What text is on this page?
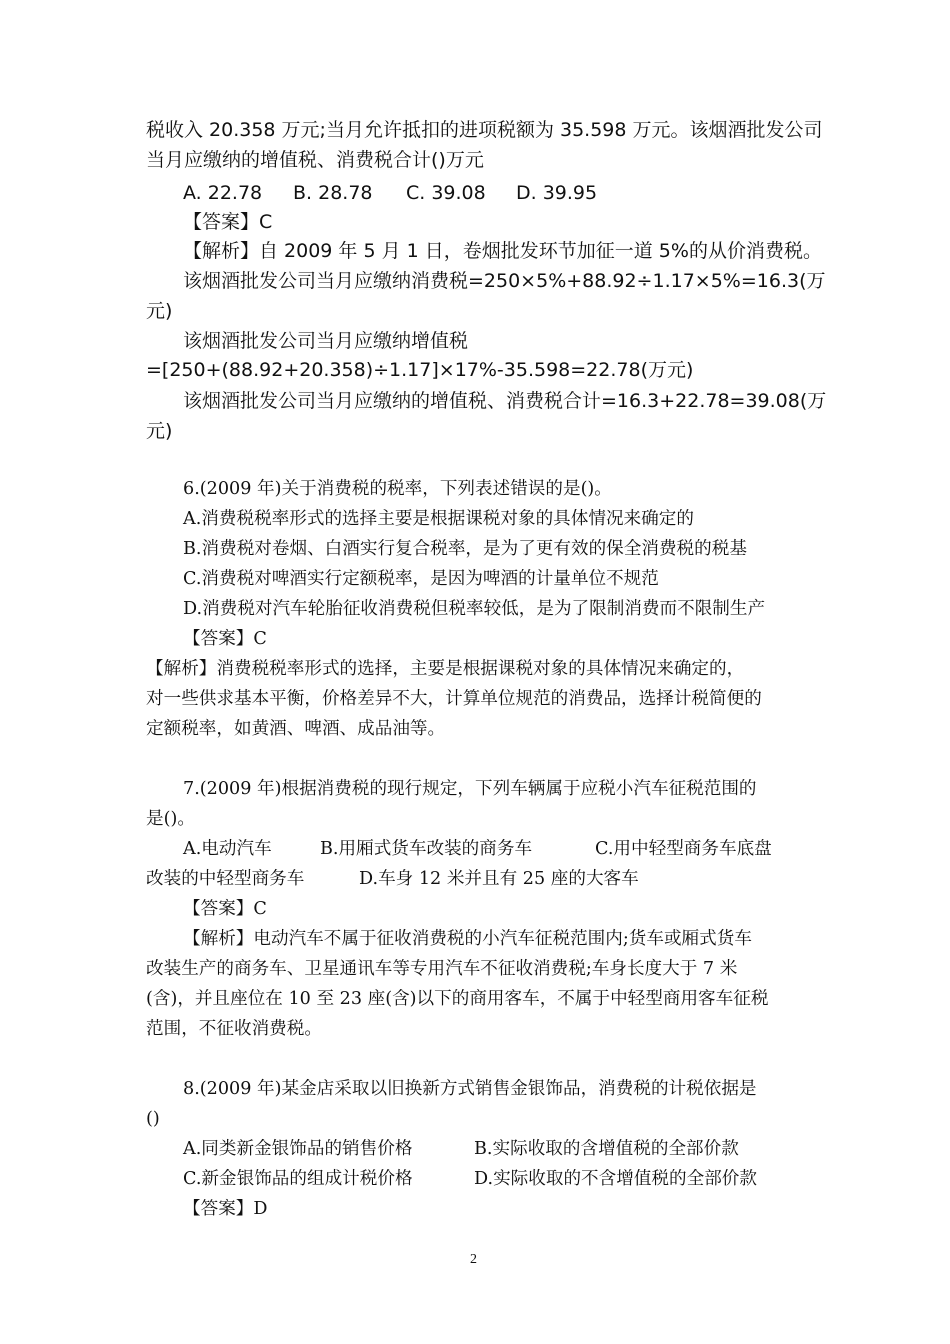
税收入 20.358 万元;当月允许抵扣的进项税额为 35.598 万元。该烟酒批发公司
当月应缴纳的增值税、消费税合计()万元
A. 22.78 B. 28.78 C. 39.08 D. 39.95
【答案】C
【解析】自 2009 年 5 月 1 日，卷烟批发环节加征一道 5%的从价消费税。
该烟酒批发公司当月应缴纳消费税=250×5%+88.92÷1.17×5%=16.3(万
元)
该烟酒批发公司当月应缴纳增值税
=[250+(88.92+20.358)÷1.17]×17%-35.598=22.78(万元)
该烟酒批发公司当月应缴纳的增值税、消费税合计=16.3+22.78=39.08(万
元)
6.(2009 年)关于消费税的税率，下列表述错误的是()。
A.消费税税率形式的选择主要是根据课税对象的具体情况来确定的
B.消费税对卷烟、白酒实行复合税率，是为了更有效的保全消费税的税基
C.消费税对啤酒实行定额税率，是因为啤酒的计量单位不规范
D.消费税对汽车轮胎征收消费税但税率较低，是为了限制消费而不限制生产
【答案】C
【解析】消费税税率形式的选择，主要是根据课税对象的具体情况来确定的，
对一些供求基本平衡，价格差异不大，计算单位规范的消费品，选择计税简便的
定额税率，如黄酒、啤酒、成品油等。
7.(2009 年)根据消费税的现行规定，下列车辆属于应税小汽车征税范围的
是()。
A.电动汽车	B.用厢式货车改装的商务车	C.用中轻型商务车底盘
改装的中轻型商务车	D.车身 12 米并且有 25 座的大客车
【答案】C
【解析】电动汽车不属于征收消费税的小汽车征税范围内;货车或厢式货车
改装生产的商务车、卫星通讯车等专用汽车不征收消费税;车身长度大于 7 米
(含)，并且座位在 10 至 23 座(含)以下的商用客车，不属于中轻型商用客车征税
范围，不征收消费税。
8.(2009 年)某金店采取以旧换新方式销售金银饰品，消费税的计税依据是
()
A.同类新金银饰品的销售价格	B.实际收取的含增值税的全部价款
C.新金银饰品的组成计税价格	D.实际收取的不含增值税的全部价款
【答案】D
2
